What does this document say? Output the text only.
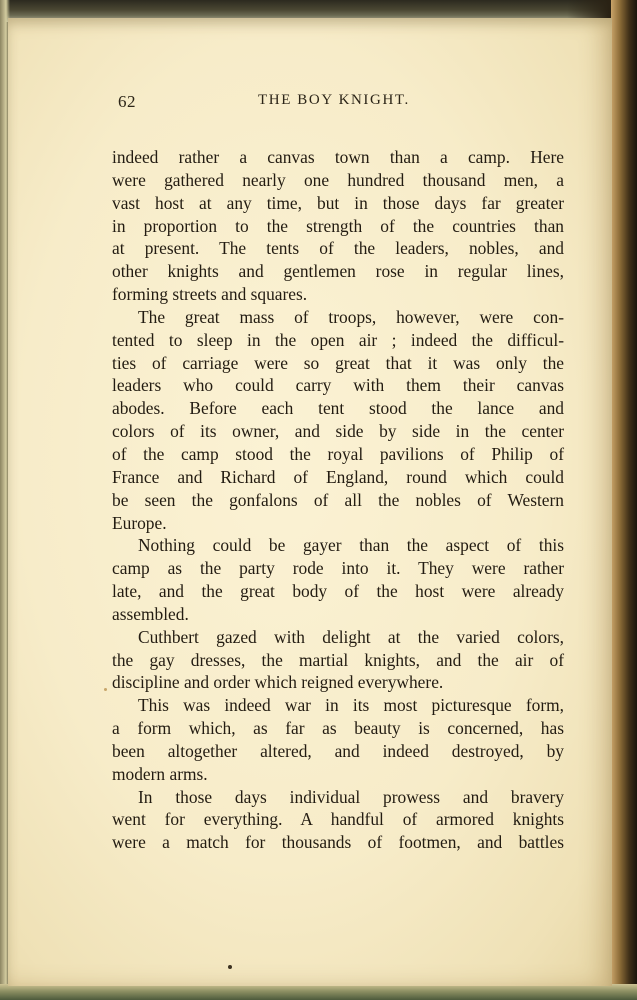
62	THE BOY KNIGHT.
indeed rather a canvas town than a camp. Here
were gathered nearly one hundred thousand men, a
vast host at any time, but in those days far greater
in proportion to the strength of the countries than
at present. The tents of the leaders, nobles, and
other knights and gentlemen rose in regular lines,
forming streets and squares.
The great mass of troops, however, were con-
tented to sleep in the open air ; indeed the difficul-
ties of carriage were so great that it was only the
leaders who could carry with them their canvas
abodes. Before each tent stood the lance and
colors of its owner, and side by side in the center
of the camp stood the royal pavilions of Philip of
France and Richard of England, round which could
be seen the gonfalons of all the nobles of Western
Europe.
Nothing could be gayer than the aspect of this
camp as the party rode into it. They were rather
late, and the great body of the host were already
assembled.
Cuthbert gazed with delight at the varied colors,
the gay dresses, the martial knights, and the air of
discipline and order which reigned everywhere.
This was indeed war in its most picturesque form,
a form which, as far as beauty is concerned, has
been altogether altered, and indeed destroyed, by
modern arms.
In those days individual prowess and bravery
went for everything. A handful of armored knights
were a match for thousands of footmen, and battles
